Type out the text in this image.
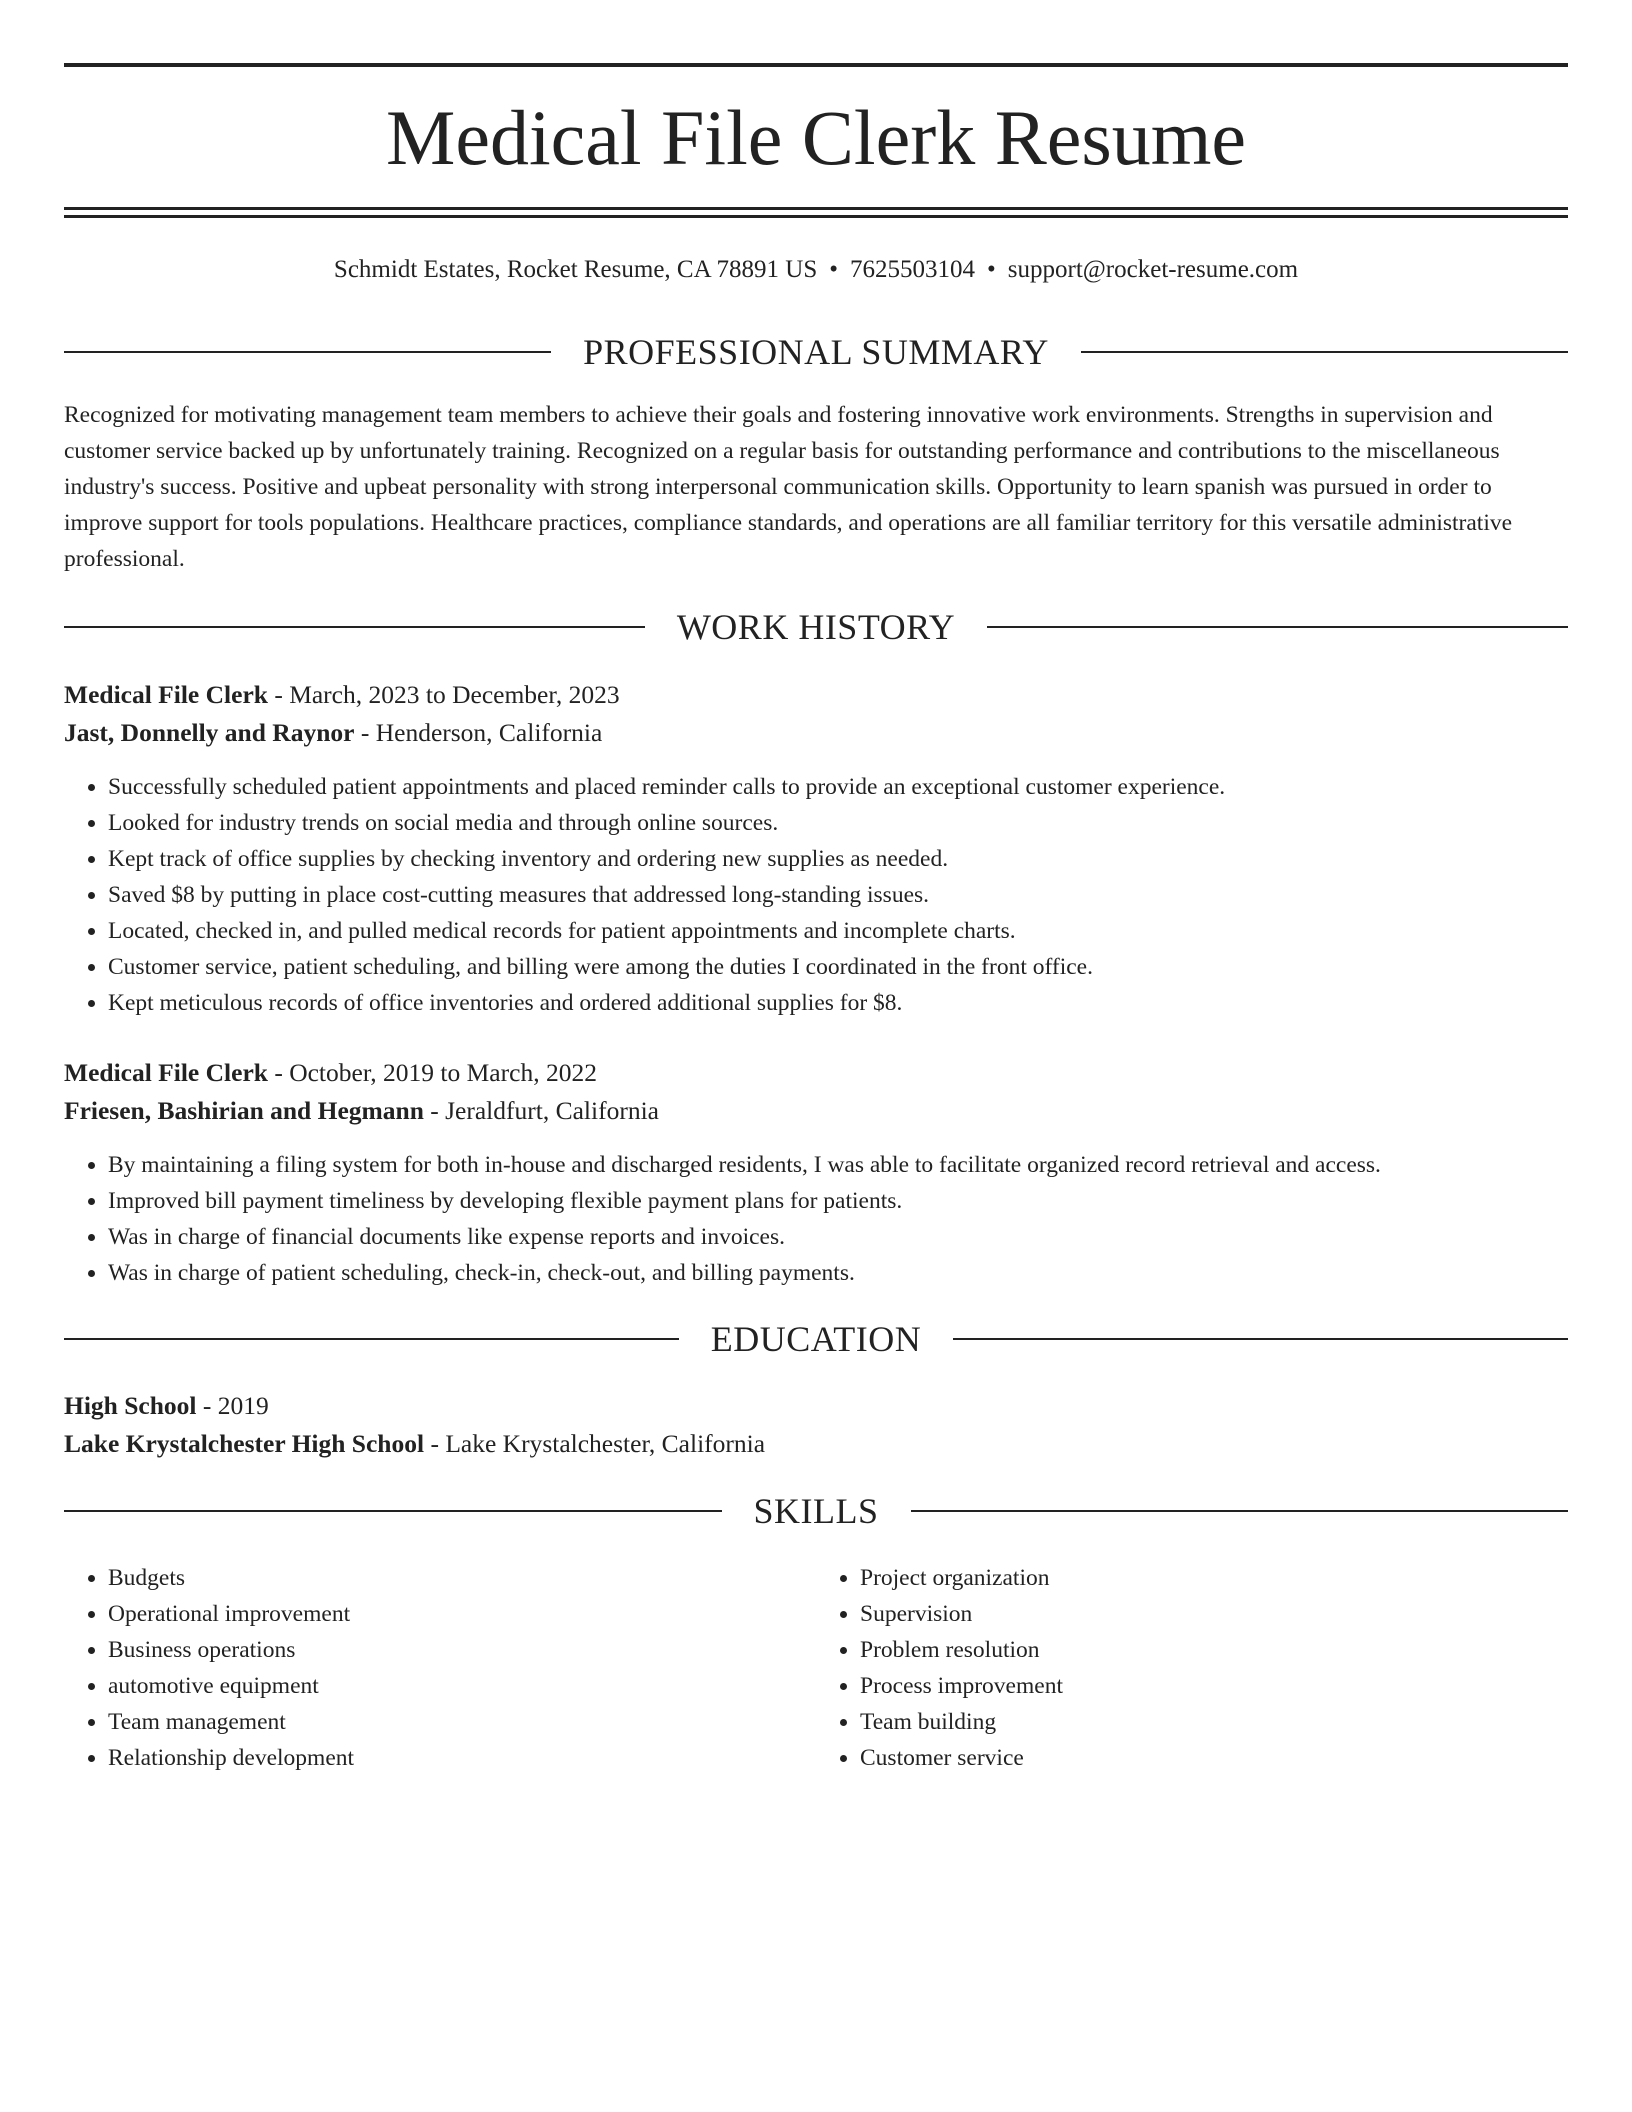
Medical File Clerk Resume
Schmidt Estates, Rocket Resume, CA 78891 US • 7625503104 • support@rocket-resume.com
PROFESSIONAL SUMMARY

Recognized for motivating management team members to achieve their goals and fostering innovative work environments. Strengths in supervision and customer service backed up by unfortunately training. Recognized on a regular basis for outstanding performance and contributions to the miscellaneous industry's success. Positive and upbeat personality with strong interpersonal communication skills. Opportunity to learn spanish was pursued in order to improve support for tools populations. Healthcare practices, compliance standards, and operations are all familiar territory for this versatile administrative professional.

WORK HISTORY
Medical File Clerk - March, 2023 to December, 2023
Jast, Donnelly and Raynor - Henderson, California
• Successfully scheduled patient appointments and placed reminder calls to provide an exceptional customer experience.
• Looked for industry trends on social media and through online sources.
• Kept track of office supplies by checking inventory and ordering new supplies as needed.
• Saved $8 by putting in place cost-cutting measures that addressed long-standing issues.
• Located, checked in, and pulled medical records for patient appointments and incomplete charts.
• Customer service, patient scheduling, and billing were among the duties I coordinated in the front office.
• Kept meticulous records of office inventories and ordered additional supplies for $8.
Medical File Clerk - October, 2019 to March, 2022
Friesen, Bashirian and Hegmann - Jeraldfurt, California
• By maintaining a filing system for both in-house and discharged residents, I was able to facilitate organized record retrieval and access.
• Improved bill payment timeliness by developing flexible payment plans for patients.
• Was in charge of financial documents like expense reports and invoices.
• Was in charge of patient scheduling, check-in, check-out, and billing payments.
EDUCATION
High School - 2019
Lake Krystalchester High School - Lake Krystalchester, California
SKILLS
• Budgets
• Operational improvement
• Business operations
• automotive equipment
• Team management
• Relationship development
• Project organization
• Supervision
• Problem resolution
• Process improvement
• Team building
• Customer service
